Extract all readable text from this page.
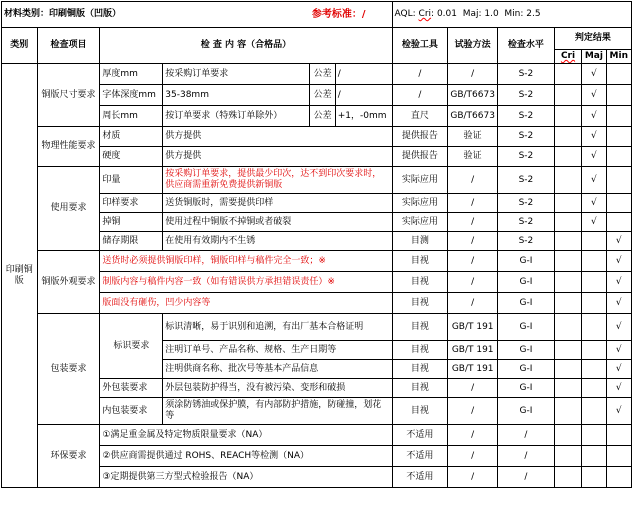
材料类别：印刷铜版（凹版）				参考标准：/		AQL: Cri: 0.01  Maj: 1.0  Min: 2.5					
类别	检查项目	检 查 内 容（合格品）				检验工具	试验方法	检查水平	判定结果		
									Cri	Maj	Min
印刷铜版	铜版尺寸要求	厚度mm	按采购订单要求	公差	/	/	/	S-2		√	
		字体深度mm	35-38mm	公差	/	/	GB/T6673	S-2		√	
		周长mm	按订单要求（特殊订单除外）	公差	+1，-0mm	直尺	GB/T6673	S-2		√	
	物理性能要求	材质	供方提供			提供报告	验证	S-2		√	
		硬度	供方提供			提供报告	验证	S-2		√	
	使用要求	印量	按采购订单要求，提供最少印次，达不到印次要求时，供应商需重新免费提供新铜版			实际应用	/	S-2		√	
		印样要求	送货铜版时，需要提供印样			实际应用	/	S-2		√	
		掉铜	使用过程中铜版不掉铜或者破裂			实际应用	/	S-2		√	
		储存期限	在使用有效期内不生锈			目测	/	S-2			√
	铜版外观要求	送货时必须提供铜版印样，铜版印样与稿件完全一致；※				目视	/	G-I			√
		制版内容与稿件内容一致（如有错误供方承担错误责任）※				目视	/	G-I			√
		版面没有砸伤，凹少内容等				目视	/	G-I			√
	包装要求	标识要求	标识清晰，易于识别和追溯，有出厂基本合格证明			目视	GB/T 191	G-I			√
			注明订单号、产品名称、规格、生产日期等			目视	GB/T 191	G-I			√
			注明供商名称、批次号等基本产品信息			目视	GB/T 191	G-I			√
		外包装要求	外层包装防护得当，没有被污染、变形和破损			目视	/	G-I			√
		内包装要求	须涂防锈油或保护膜，有内部防护措施，防碰撞，划花等			目视	/	G-I			√
	环保要求	①满足重金属及特定物质限量要求（NA）				不适用	/	/			
		②供应商需提供通过 ROHS、REACH等检测（NA）				不适用	/	/			
		③定期提供第三方型式检验报告（NA）				不适用	/	/			
